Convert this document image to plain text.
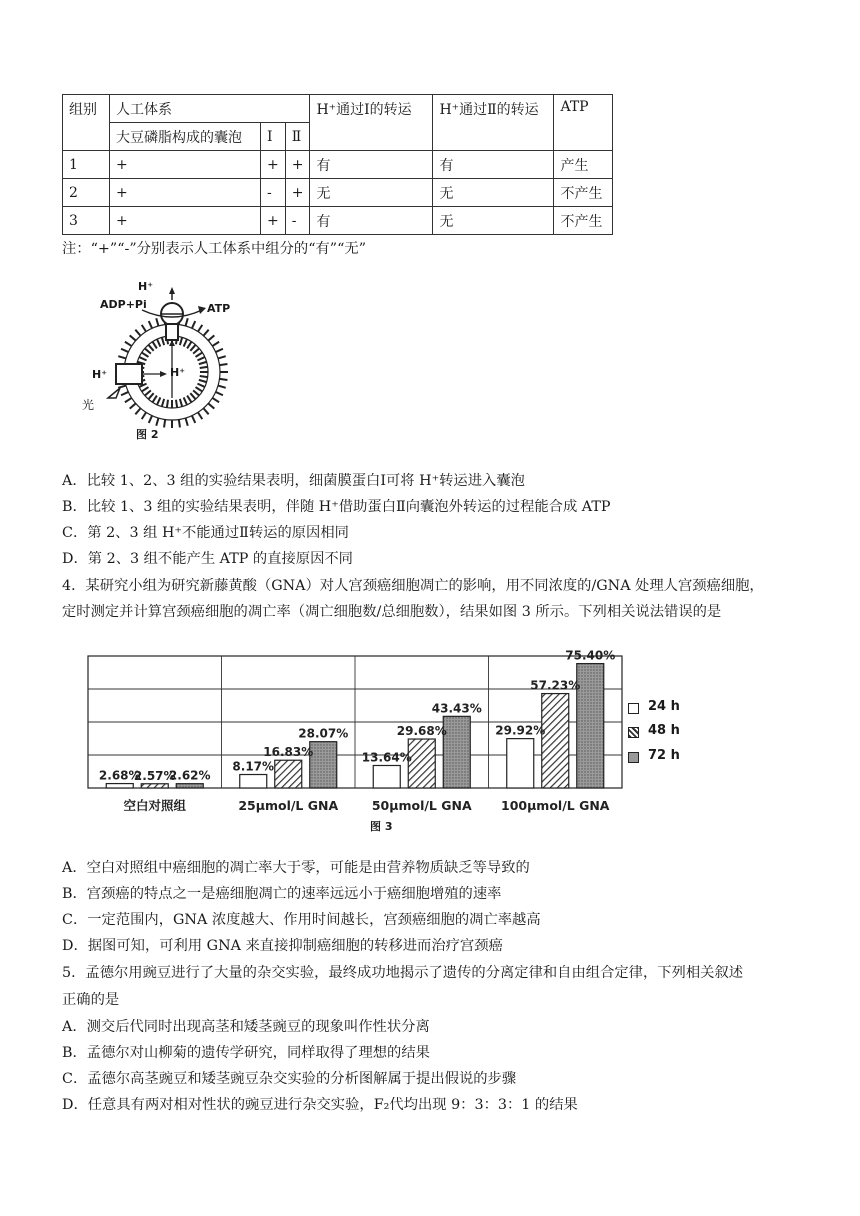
组别	人工体系			H⁺通过Ⅰ的转运	H⁺通过Ⅱ的转运	ATP
	大豆磷脂构成的囊泡	Ⅰ	Ⅱ			
1	+	+	+	有	有	产生
2	+	-	+	无	无	不产生
3	+	+	-	有	无	不产生
注：“+”“-”分别表示人工体系中组分的“有”“无”
H⁺
ADP+Pi	ATP
H⁺	H⁺
光
图 2
A．比较 1、2、3 组的实验结果表明，细菌膜蛋白Ⅰ可将 H⁺转运进入囊泡
B．比较 1、3 组的实验结果表明，伴随 H⁺借助蛋白Ⅱ向囊泡外转运的过程能合成 ATP
C．第 2、3 组 H⁺不能通过Ⅱ转运的原因相同
D．第 2、3 组不能产生 ATP 的直接原因不同
4．某研究小组为研究新藤黄酸（GNA）对人宫颈癌细胞凋亡的影响，用不同浓度的/GNA 处理人宫颈癌细胞，
定时测定并计算宫颈癌细胞的凋亡率（凋亡细胞数/总细胞数），结果如图 3 所示。下列相关说法错误的是
2.68%
2.57%
2.62%
空白对照组
8.17%
16.83%
28.07%
25μmol/L GNA
13.64%
29.68%
43.43%
50μmol/L GNA
29.92%
57.23%
75.40%
100μmol/L GNA
图 3
24 h
48 h
72 h
A．空白对照组中癌细胞的凋亡率大于零，可能是由营养物质缺乏等导致的
B．宫颈癌的特点之一是癌细胞凋亡的速率远远小于癌细胞增殖的速率
C．一定范围内，GNA 浓度越大、作用时间越长，宫颈癌细胞的凋亡率越高
D．据图可知，可利用 GNA 来直接抑制癌细胞的转移进而治疗宫颈癌
5．孟德尔用豌豆进行了大量的杂交实验，最终成功地揭示了遗传的分离定律和自由组合定律，下列相关叙述
正确的是
A．测交后代同时出现高茎和矮茎豌豆的现象叫作性状分离
B．孟德尔对山柳菊的遗传学研究，同样取得了理想的结果
C．孟德尔高茎豌豆和矮茎豌豆杂交实验的分析图解属于提出假说的步骤
D．任意具有两对相对性状的豌豆进行杂交实验，F₂代均出现 9：3：3：1 的结果
